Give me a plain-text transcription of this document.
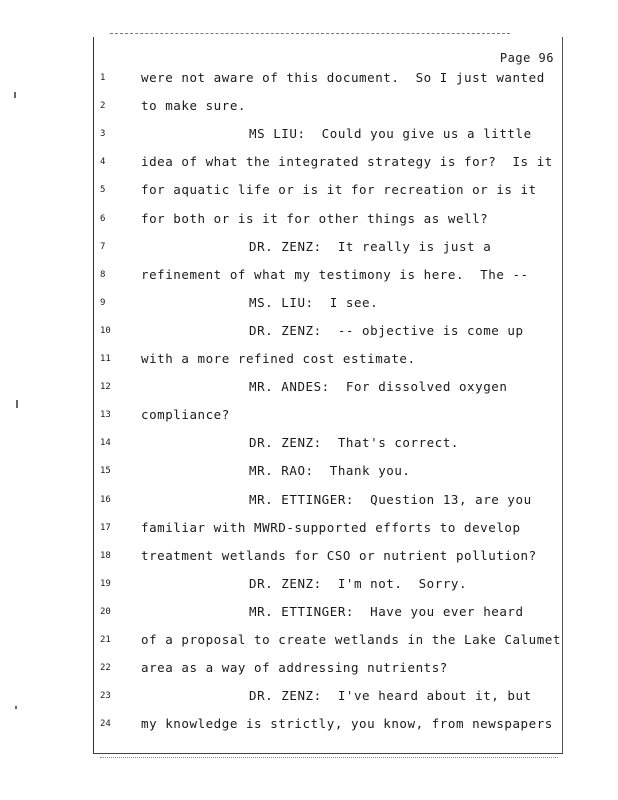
Page 96
1	were not aware of this document.  So I just wanted
2	to make sure.
3	MS LIU:  Could you give us a little
4	idea of what the integrated strategy is for?  Is it
5	for aquatic life or is it for recreation or is it
6	for both or is it for other things as well?
7	DR. ZENZ:  It really is just a
8	refinement of what my testimony is here.  The --
9	MS. LIU:  I see.
10	DR. ZENZ:  -- objective is come up
11	with a more refined cost estimate.
12	MR. ANDES:  For dissolved oxygen
13	compliance?
14	DR. ZENZ:  That's correct.
15	MR. RAO:  Thank you.
16	MR. ETTINGER:  Question 13, are you
17	familiar with MWRD-supported efforts to develop
18	treatment wetlands for CSO or nutrient pollution?
19	DR. ZENZ:  I'm not.  Sorry.
20	MR. ETTINGER:  Have you ever heard
21	of a proposal to create wetlands in the Lake Calumet
22	area as a way of addressing nutrients?
23	DR. ZENZ:  I've heard about it, but
24	my knowledge is strictly, you know, from newspapers
